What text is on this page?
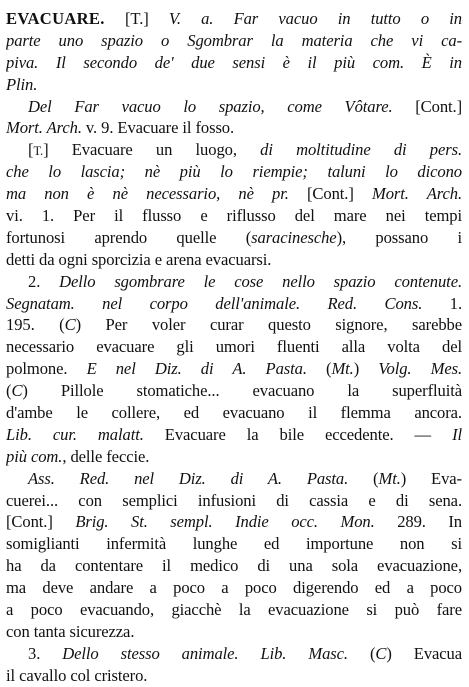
EVACUARE. [T.] V. a. Far vacuo in tutto o in
parte uno spazio o Sgombrar la materia che vi ca-
piva. Il secondo de' due sensi è il più com. È in
Plin.
Del Far vacuo lo spazio, come Vôtare. [Cont.]
Mort. Arch. v. 9. Evacuare il fosso.
[T.] Evacuare un luogo, di moltitudine di pers.
che lo lascia; nè più lo riempie; taluni lo dicono
ma non è nè necessario, nè pr. [Cont.] Mort. Arch.
vi. 1. Per il flusso e riflusso del mare nei tempi
fortunosi aprendo quelle (saracinesche), possano i
detti da ogni sporcizia e arena evacuarsi.
2. Dello sgombrare le cose nello spazio contenute.
Segnatam. nel corpo dell'animale. Red. Cons. 1.
195. (C) Per voler curar questo signore, sarebbe
necessario evacuare gli umori fluenti alla volta del
polmone. E nel Diz. di A. Pasta. (Mt.) Volg. Mes.
(C) Pillole stomatiche... evacuano la superfluità
d'ambe le collere, ed evacuano il flemma ancora.
Lib. cur. malatt. Evacuare la bile eccedente. — Il
più com., delle feccie.
Ass. Red. nel Diz. di A. Pasta. (Mt.) Eva-
cuerei... con semplici infusioni di cassia e di sena.
[Cont.] Brig. St. sempl. Indie occ. Mon. 289. In
somiglianti infermità lunghe ed importune non si
ha da contentare il medico di una sola evacuazione,
ma deve andare a poco a poco digerendo ed a poco
a poco evacuando, giacchè la evacuazione si può fare
con tanta sicurezza.
3. Dello stesso animale. Lib. Masc. (C) Evacua
il cavallo col cristero.
